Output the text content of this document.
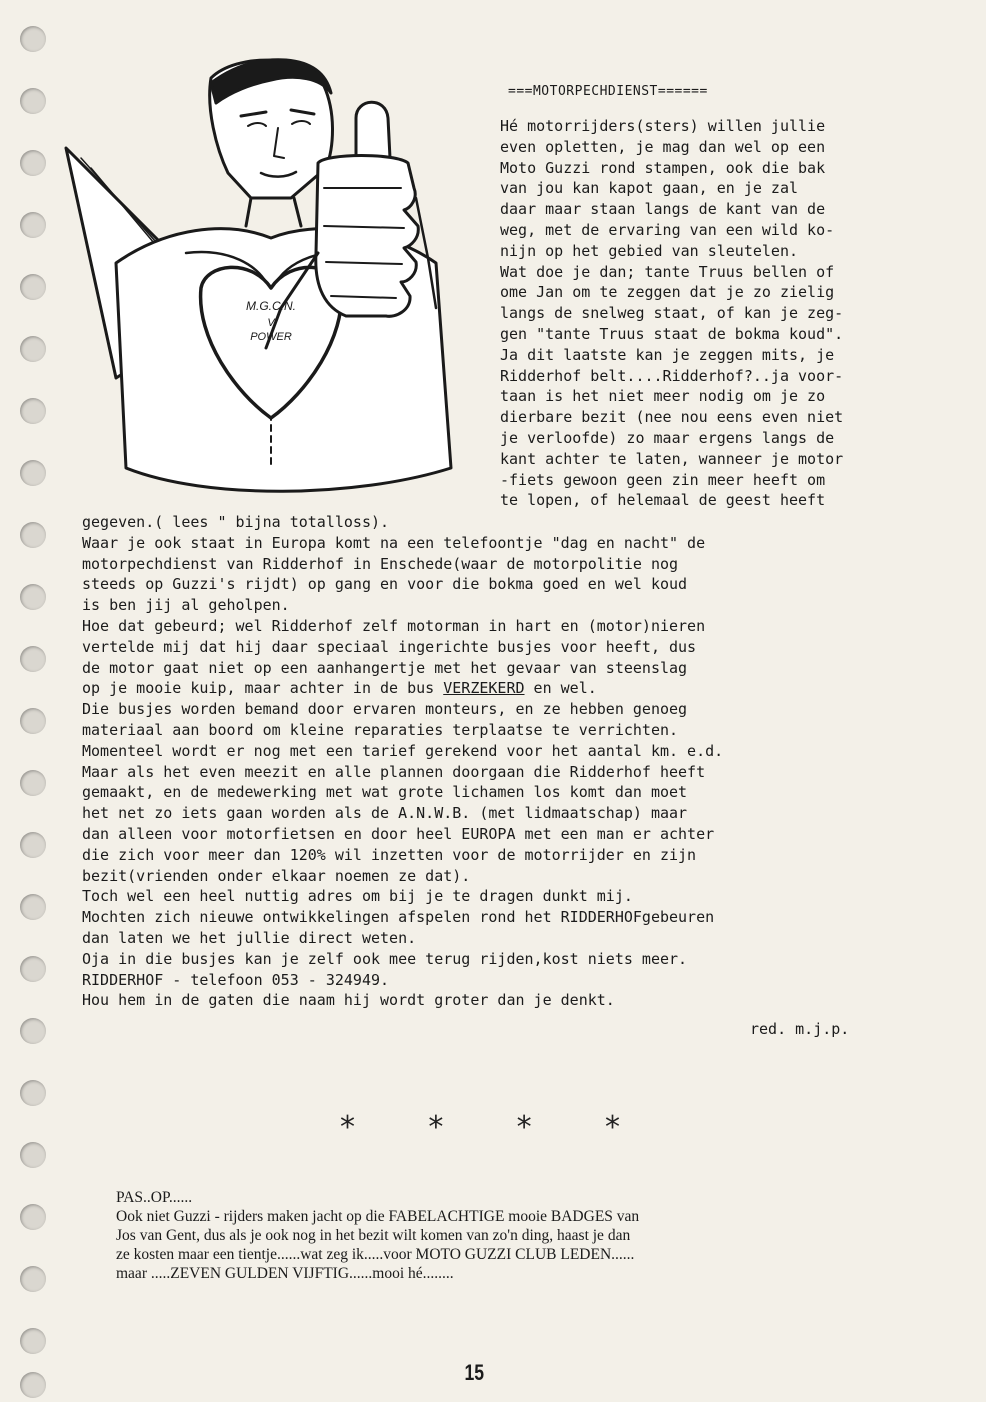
M.G.C.N.
V
POWER
===MOTORPECHDIENST======
Hé motorrijders(sters) willen jullie
even opletten, je mag dan wel op een
Moto Guzzi rond stampen, ook die bak
van jou kan kapot gaan, en je zal
daar maar staan langs de kant van de
weg, met de ervaring van een wild ko-
nijn op het gebied van sleutelen.
Wat doe je dan; tante Truus bellen of
ome Jan om te zeggen dat je zo zielig
langs de snelweg staat, of kan je zeg-
gen "tante Truus staat de bokma koud".
Ja dit laatste kan je zeggen mits, je
Ridderhof belt....Ridderhof?..ja voor-
taan is het niet meer nodig om je zo
dierbare bezit (nee nou eens even niet
je verloofde) zo maar ergens langs de
kant achter te laten, wanneer je motor
-fiets gewoon geen zin meer heeft om
te lopen, of helemaal de geest heeft
gegeven.( lees " bijna totalloss).
Waar je ook staat in Europa komt na een telefoontje "dag en nacht" de
motorpechdienst van Ridderhof in Enschede(waar de motorpolitie nog
steeds op Guzzi's rijdt) op gang en voor die bokma goed en wel koud
is ben jij al geholpen.
Hoe dat gebeurd; wel Ridderhof zelf motorman in hart en (motor)nieren
vertelde mij dat hij daar speciaal ingerichte busjes voor heeft, dus
de motor gaat niet op een aanhangertje met het gevaar van steenslag
op je mooie kuip, maar achter in de bus VERZEKERD en wel.
Die busjes worden bemand door ervaren monteurs, en ze hebben genoeg
materiaal aan boord om kleine reparaties terplaatse te verrichten.
Momenteel wordt er nog met een tarief gerekend voor het aantal km. e.d.
Maar als het even meezit en alle plannen doorgaan die Ridderhof heeft
gemaakt, en de medewerking met wat grote lichamen los komt dan moet
het net zo iets gaan worden als de A.N.W.B. (met lidmaatschap) maar
dan alleen voor motorfietsen en door heel EUROPA met een man er achter
die zich voor meer dan 120% wil inzetten voor de motorrijder en zijn
bezit(vrienden onder elkaar noemen ze dat).
Toch wel een heel nuttig adres om bij je te dragen dunkt mij.
Mochten zich nieuwe ontwikkelingen afspelen rond het RIDDERHOFgebeuren
dan laten we het jullie direct weten.
Oja in die busjes kan je zelf ook mee terug rijden,kost niets meer.
RIDDERHOF - telefoon 053 - 324949.
Hou hem in de gaten die naam hij wordt groter dan je denkt.
red. m.j.p.
* * * *
PAS..OP......
Ook niet Guzzi - rijders maken jacht op die FABELACHTIGE mooie BADGES van
Jos van Gent, dus als je ook nog in het bezit wilt komen van zo'n ding, haast je dan
ze kosten maar een tientje......wat zeg ik.....voor MOTO GUZZI CLUB LEDEN......
maar .....ZEVEN GULDEN VIJFTIG......mooi hé........
15
